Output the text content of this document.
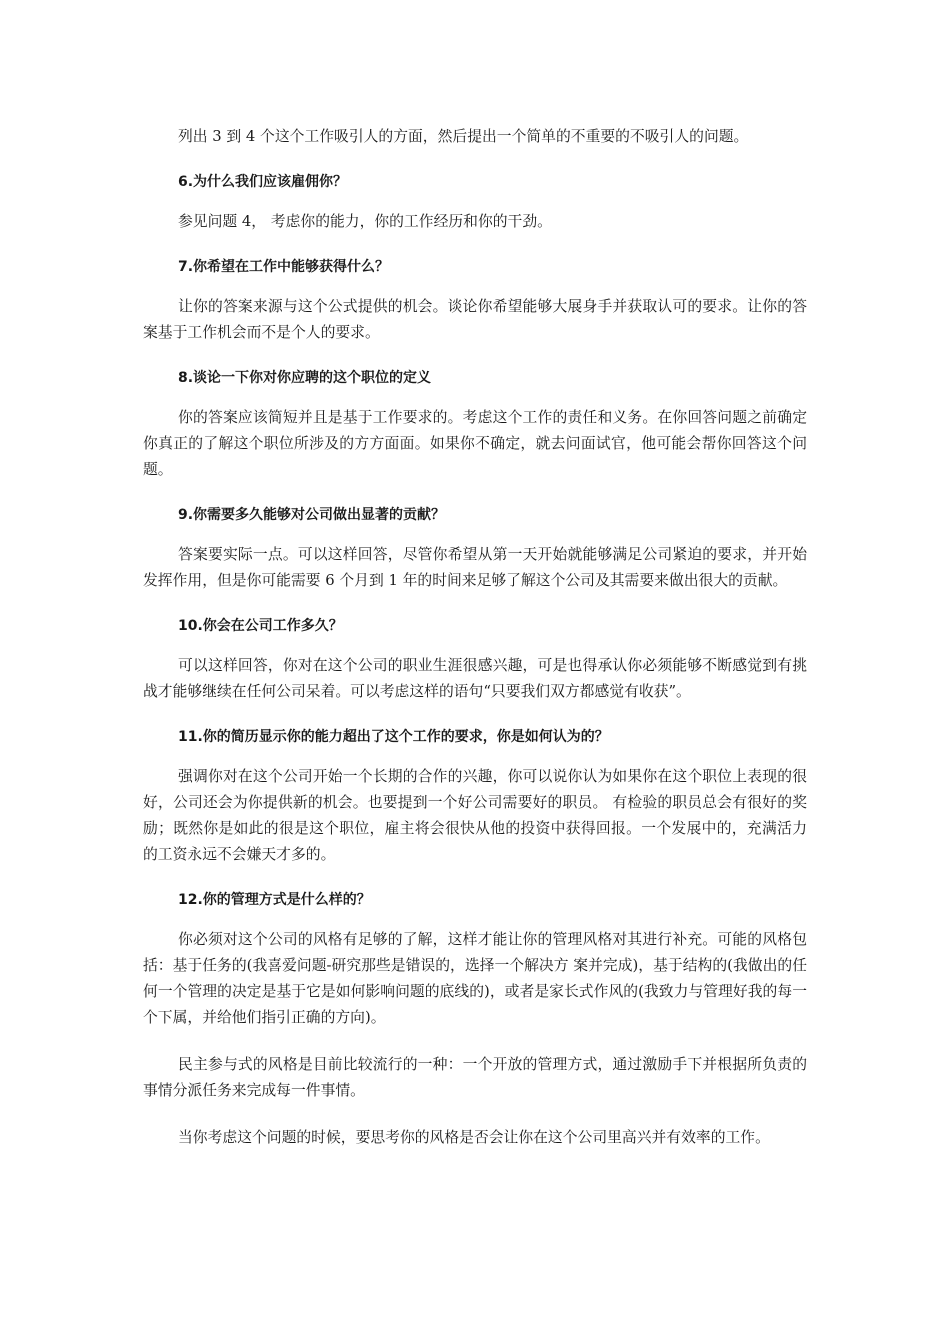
列出 3 到 4 个这个工作吸引人的方面，然后提出一个简单的不重要的不吸引人的问题。

6.为什么我们应该雇佣你？

参见问题 4， 考虑你的能力，你的工作经历和你的干劲。

7.你希望在工作中能够获得什么？

让你的答案来源与这个公式提供的机会。谈论你希望能够大展身手并获取认可的要求。让你的答案基于工作机会而不是个人的要求。

8.谈论一下你对你应聘的这个职位的定义

你的答案应该简短并且是基于工作要求的。考虑这个工作的责任和义务。在你回答问题之前确定你真正的了解这个职位所涉及的方方面面。如果你不确定，就去问面试官，他可能会帮你回答这个问题。

9.你需要多久能够对公司做出显著的贡献？

答案要实际一点。可以这样回答，尽管你希望从第一天开始就能够满足公司紧迫的要求，并开始发挥作用，但是你可能需要 6 个月到 1 年的时间来足够了解这个公司及其需要来做出很大的贡献。

10.你会在公司工作多久？

可以这样回答，你对在这个公司的职业生涯很感兴趣，可是也得承认你必须能够不断感觉到有挑战才能够继续在任何公司呆着。可以考虑这样的语句“只要我们双方都感觉有收获”。

11.你的简历显示你的能力超出了这个工作的要求，你是如何认为的？

强调你对在这个公司开始一个长期的合作的兴趣，你可以说你认为如果你在这个职位上表现的很好，公司还会为你提供新的机会。也要提到一个好公司需要好的职员。 有检验的职员总会有很好的奖励；既然你是如此的很是这个职位，雇主将会很快从他的投资中获得回报。一个发展中的，充满活力的工资永远不会嫌天才多的。

12.你的管理方式是什么样的？

你必须对这个公司的风格有足够的了解，这样才能让你的管理风格对其进行补充。可能的风格包括：基于任务的(我喜爱问题-研究那些是错误的，选择一个解决方 案并完成)，基于结构的(我做出的任何一个管理的决定是基于它是如何影响问题的底线的)，或者是家长式作风的(我致力与管理好我的每一个下属，并给他们指引正确的方向)。

民主参与式的风格是目前比较流行的一种：一个开放的管理方式，通过激励手下并根据所负责的事情分派任务来完成每一件事情。

当你考虑这个问题的时候，要思考你的风格是否会让你在这个公司里高兴并有效率的工作。
